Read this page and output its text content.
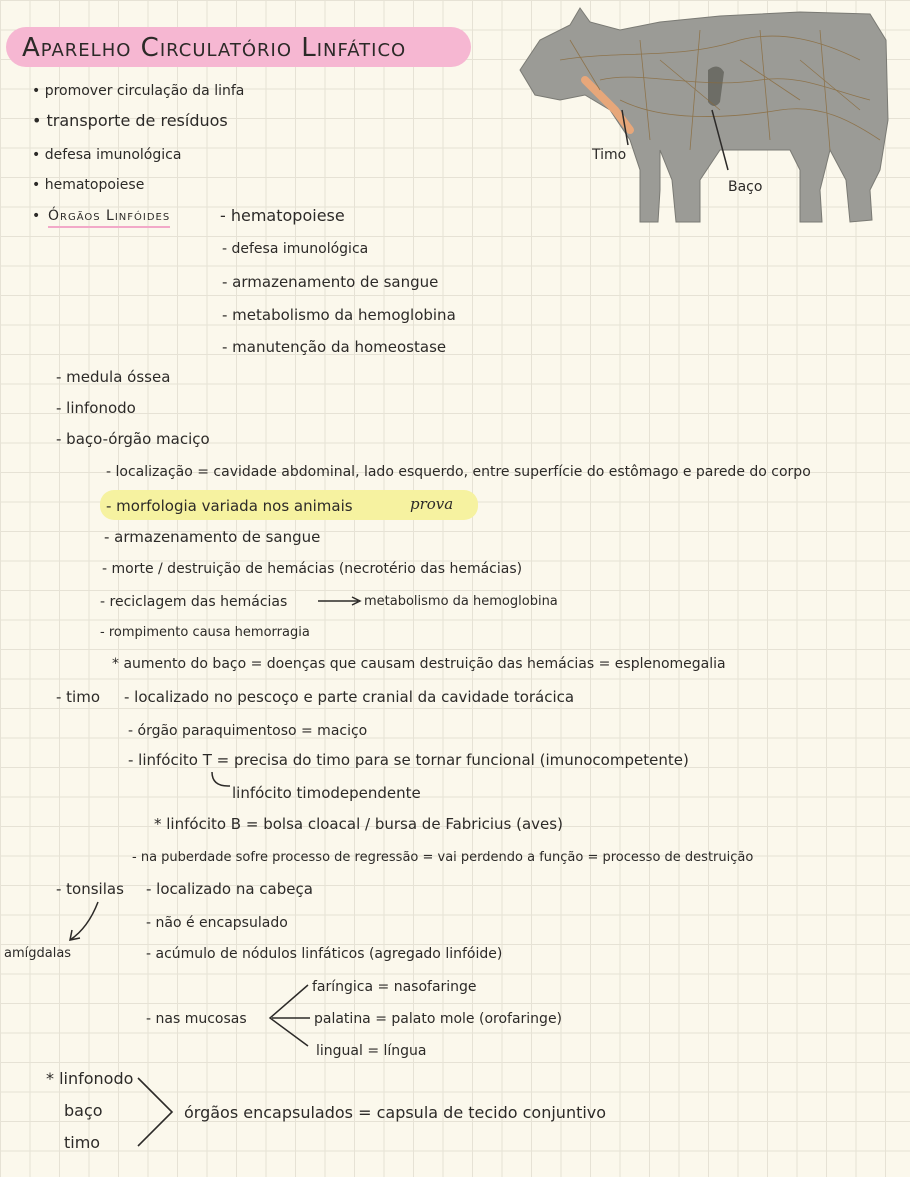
Aparelho Circulatório Linfático
Timo
Baço
• promover circulação da linfa
• transporte de resíduos
• defesa imunológica
• hematopoiese
• Órgãos Linfóides	- hematopoiese
- defesa imunológica
- armazenamento de sangue
- metabolismo da hemoglobina
- manutenção da homeostase
- medula óssea
- linfonodo
- baço-órgão maciço
- localização = cavidade abdominal, lado esquerdo, entre superfície do estômago e parede do corpo
- morfologia variada nos animais	prova
- armazenamento de sangue
- morte / destruição de hemácias (necrotério das hemácias)
- reciclagem das hemácias	metabolismo da hemoglobina
- rompimento causa hemorragia
* aumento do baço = doenças que causam destruição das hemácias = esplenomegalia
- timo - localizado no pescoço e parte cranial da cavidade torácica
- órgão paraquimentoso = maciço
- linfócito T = precisa do timo para se tornar funcional (imunocompetente)
linfócito timodependente
* linfócito B = bolsa cloacal / bursa de Fabricius (aves)
- na puberdade sofre processo de regressão = vai perdendo a função = processo de destruição
- tonsilas
amígdalas
- localizado na cabeça
- não é encapsulado
- acúmulo de nódulos linfáticos (agregado linfóide)
- nas mucosas
faríngica = nasofaringe
palatina = palato mole (orofaringe)
lingual = língua
* linfonodo
baço
timo
órgãos encapsulados = capsula de tecido conjuntivo
